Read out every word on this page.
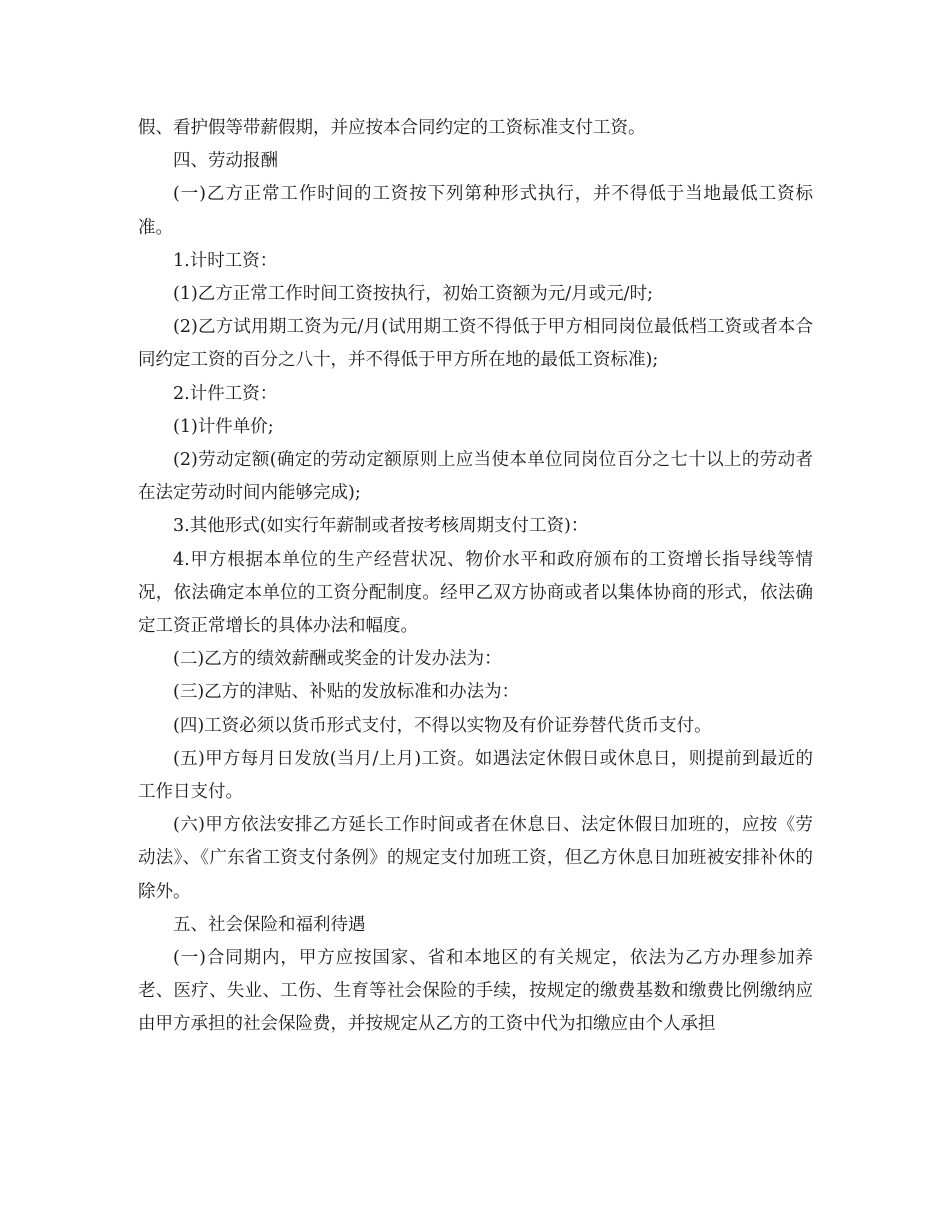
假、看护假等带薪假期，并应按本合同约定的工资标准支付工资。

四、劳动报酬

(一)乙方正常工作时间的工资按下列第种形式执行，并不得低于当地最低工资标准。

1.计时工资：

(1)乙方正常工作时间工资按执行，初始工资额为元/月或元/时;

(2)乙方试用期工资为元/月(试用期工资不得低于甲方相同岗位最低档工资或者本合同约定工资的百分之八十，并不得低于甲方所在地的最低工资标准);

2.计件工资：

(1)计件单价;

(2)劳动定额(确定的劳动定额原则上应当使本单位同岗位百分之七十以上的劳动者在法定劳动时间内能够完成);

3.其他形式(如实行年薪制或者按考核周期支付工资)：

4.甲方根据本单位的生产经营状况、物价水平和政府颁布的工资增长指导线等情况，依法确定本单位的工资分配制度。经甲乙双方协商或者以集体协商的形式，依法确定工资正常增长的具体办法和幅度。

(二)乙方的绩效薪酬或奖金的计发办法为：

(三)乙方的津贴、补贴的发放标准和办法为：

(四)工资必须以货币形式支付，不得以实物及有价证券替代货币支付。

(五)甲方每月日发放(当月/上月)工资。如遇法定休假日或休息日，则提前到最近的工作日支付。

(六)甲方依法安排乙方延长工作时间或者在休息日、法定休假日加班的，应按《劳动法》、《广东省工资支付条例》的规定支付加班工资，但乙方休息日加班被安排补休的除外。

五、社会保险和福利待遇

(一)合同期内，甲方应按国家、省和本地区的有关规定，依法为乙方办理参加养老、医疗、失业、工伤、生育等社会保险的手续，按规定的缴费基数和缴费比例缴纳应由甲方承担的社会保险费，并按规定从乙方的工资中代为扣缴应由个人承担
